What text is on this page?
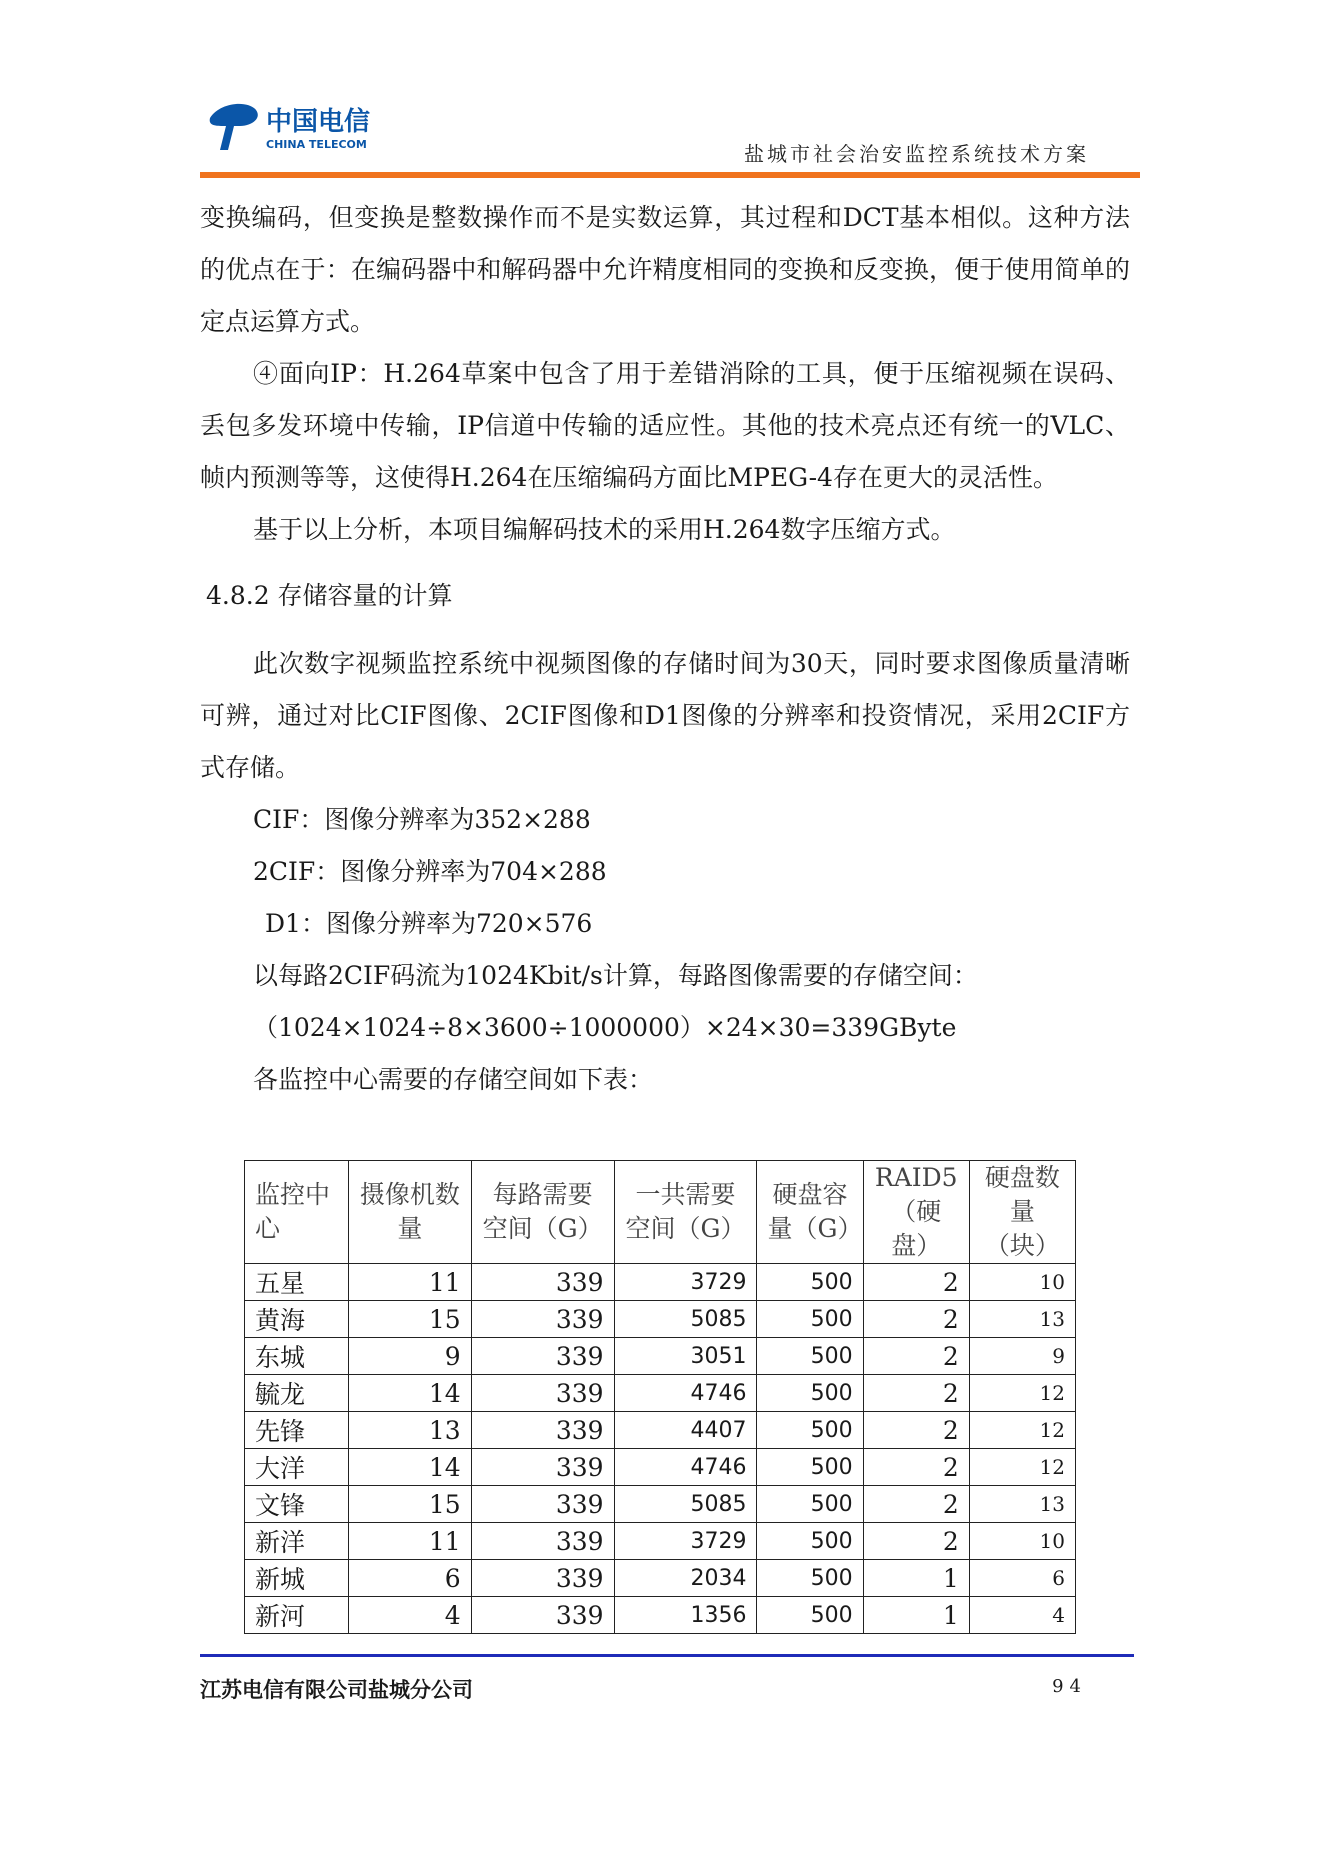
中国电信
CHINA TELECOM	盐城市社会治安监控系统技术方案

变换编码，但变换是整数操作而不是实数运算，其过程和DCT基本相似。这种方法的优点在于：在编码器中和解码器中允许精度相同的变换和反变换，便于使用简单的定点运算方式。

④面向IP：H.264草案中包含了用于差错消除的工具，便于压缩视频在误码、丢包多发环境中传输，IP信道中传输的适应性。其他的技术亮点还有统一的VLC、帧内预测等等，这使得H.264在压缩编码方面比MPEG-4存在更大的灵活性。

基于以上分析，本项目编解码技术的采用H.264数字压缩方式。

4.8.2 存储容量的计算

此次数字视频监控系统中视频图像的存储时间为30天，同时要求图像质量清晰可辨，通过对比CIF图像、2CIF图像和D1图像的分辨率和投资情况，采用2CIF方式存储。

CIF：图像分辨率为352×288

2CIF：图像分辨率为704×288

D1：图像分辨率为720×576

以每路2CIF码流为1024Kbit/s计算，每路图像需要的存储空间：

（1024×1024÷8×3600÷1000000）×24×30=339GByte

各监控中心需要的存储空间如下表：

监控中心	摄像机数量	每路需要空间（G）	一共需要空间（G）	硬盘容量（G）	RAID5（硬盘）	硬盘数量（块）
五星	11	339	3729	500	2	10
黄海	15	339	5085	500	2	13
东城	9	339	3051	500	2	9
毓龙	14	339	4746	500	2	12
先锋	13	339	4407	500	2	12
大洋	14	339	4746	500	2	12
文锋	15	339	5085	500	2	13
新洋	11	339	3729	500	2	10
新城	6	339	2034	500	1	6
新河	4	339	1356	500	1	4
江苏电信有限公司盐城分公司	94
